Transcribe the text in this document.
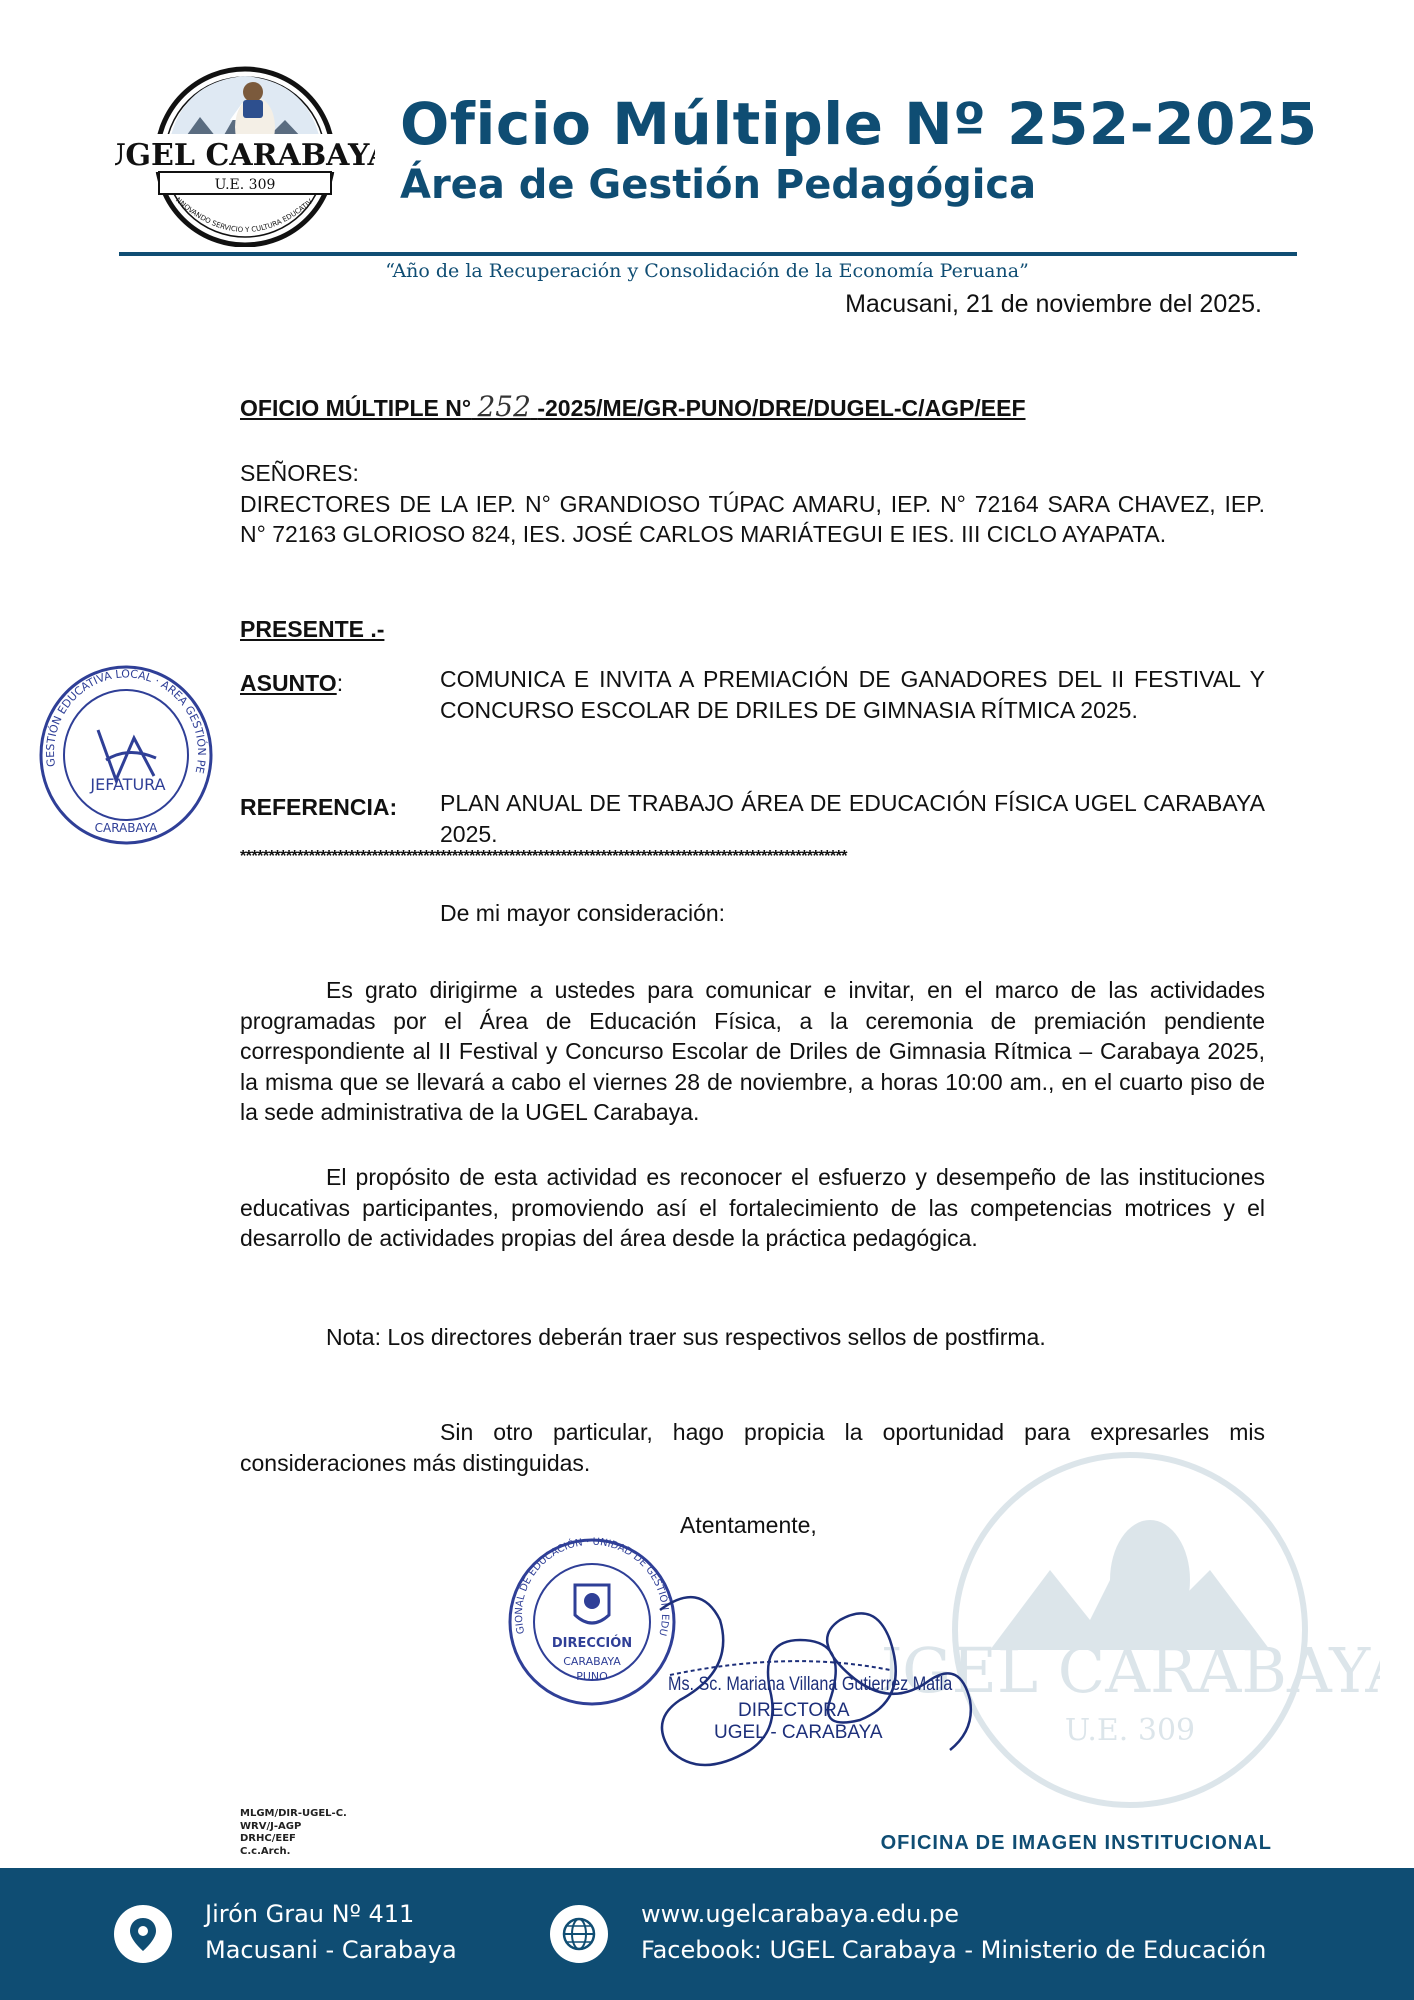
GEL CARABAYA
U.E. 309
NNOVANDO SERVICIO Y CULTURA EDUCATIV
Oficio Múltiple Nº 252-2025
Área de Gestión Pedagógica
“Año de la Recuperación y Consolidación de la Economía Peruana”
Macusani, 21 de noviembre del 2025.
OFICIO MÚLTIPLE N° 252 -2025/ME/GR-PUNO/DRE/DUGEL-C/AGP/EEF
SEÑORES:
DIRECTORES DE LA IEP. N° GRANDIOSO TÚPAC AMARU, IEP. N° 72164 SARA CHAVEZ, IEP. N° 72163 GLORIOSO 824, IES. JOSÉ CARLOS MARIÁTEGUI E IES. III CICLO AYAPATA.
PRESENTE .-
ASUNTO:	COMUNICA E INVITA A PREMIACIÓN DE GANADORES DEL II FESTIVAL Y CONCURSO ESCOLAR DE DRILES DE GIMNASIA RÍTMICA 2025.
REFERENCIA: PLAN ANUAL DE TRABAJO ÁREA DE EDUCACIÓN FÍSICA UGEL CARABAYA 2025.
**********************************************************************************************************
De mi mayor consideración:
Es grato dirigirme a ustedes para comunicar e invitar, en el marco de las actividades programadas por el Área de Educación Física, a la ceremonia de premiación pendiente correspondiente al II Festival y Concurso Escolar de Driles de Gimnasia Rítmica – Carabaya 2025, la misma que se llevará a cabo el viernes 28 de noviembre, a horas 10:00 am., en el cuarto piso de la sede administrativa de la UGEL Carabaya.
El propósito de esta actividad es reconocer el esfuerzo y desempeño de las instituciones educativas participantes, promoviendo así el fortalecimiento de las competencias motrices y el desarrollo de actividades propias del área desde la práctica pedagógica.
Nota: Los directores deberán traer sus respectivos sellos de postfirma.
Sin otro particular, hago propicia la oportunidad para expresarles mis consideraciones más distinguidas.
Atentamente,
GEL CARABAYA
U.E. 309
GESTIÓN EDUCATIVA LOCAL · AREA GESTIÓN PE
JEFATURA
CARABAYA
GIONAL DE EDUCACIÓN · UNIDAD DE GESTIÓN EDU
DIRECCIÓN
CARABAYA
PUNO	Ms. Sc. Mariana Villana Gutierrez Mafla
DIRECTORA
UGEL - CARABAYA
MLGM/DIR-UGEL-C.
WRV/J-AGP
DRHC/EEF
C.c.Arch.	OFICINA DE IMAGEN INSTITUCIONAL
Jirón Grau Nº 411
Macusani - Carabaya
www.ugelcarabaya.edu.pe
Facebook: UGEL Carabaya - Ministerio de Educación
